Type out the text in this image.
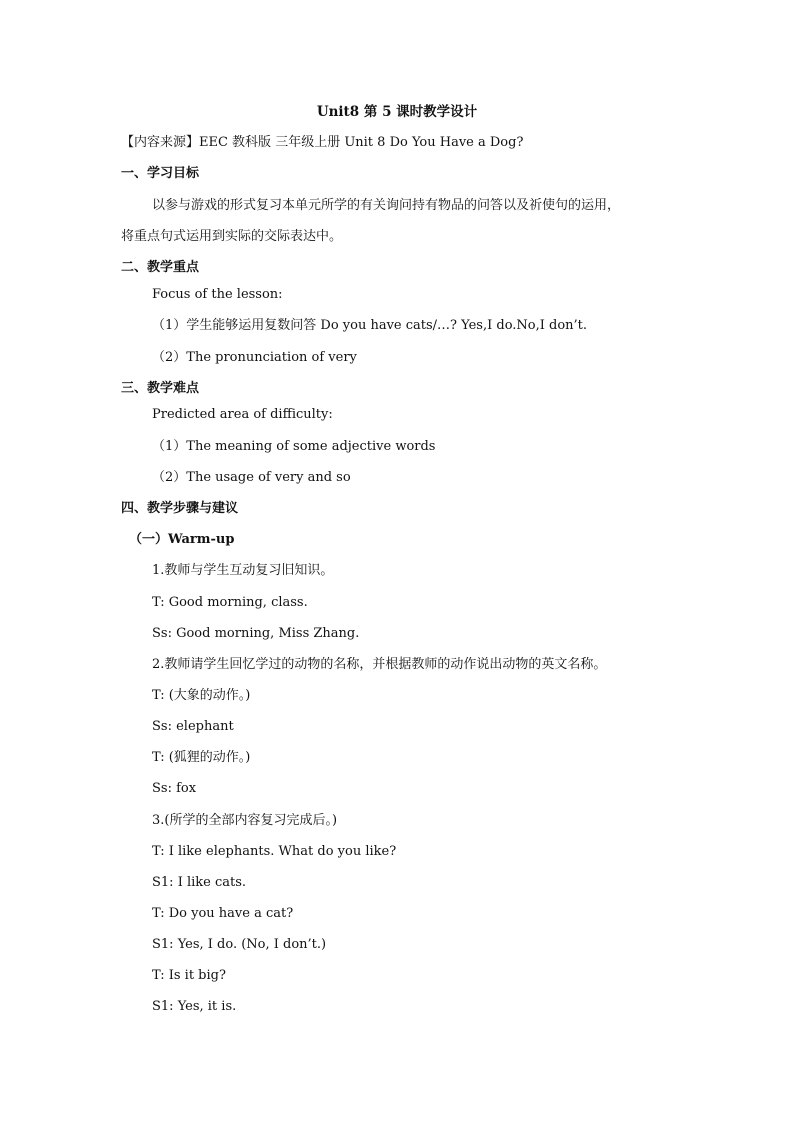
Unit8 第 5 课时教学设计
【内容来源】EEC 教科版 三年级上册 Unit 8 Do You Have a Dog?
一、学习目标
以参与游戏的形式复习本单元所学的有关询问持有物品的问答以及祈使句的运用，
将重点句式运用到实际的交际表达中。
二、教学重点
Focus of the lesson:
（1）学生能够运用复数问答 Do you have cats/…? Yes,I do.No,I don’t.
（2）The pronunciation of very
三、教学难点
Predicted area of difficulty:
（1）The meaning of some adjective words
（2）The usage of very and so
四、教学步骤与建议
（一）Warm-up
1.教师与学生互动复习旧知识。
T: Good morning, class.
Ss: Good morning, Miss Zhang.
2.教师请学生回忆学过的动物的名称，并根据教师的动作说出动物的英文名称。
T: (大象的动作。)
Ss: elephant
T: (狐狸的动作。)
Ss: fox
3.(所学的全部内容复习完成后。)
T: I like elephants. What do you like?
S1: I like cats.
T: Do you have a cat?
S1: Yes, I do. (No, I don’t.)
T: Is it big?
S1: Yes, it is.
